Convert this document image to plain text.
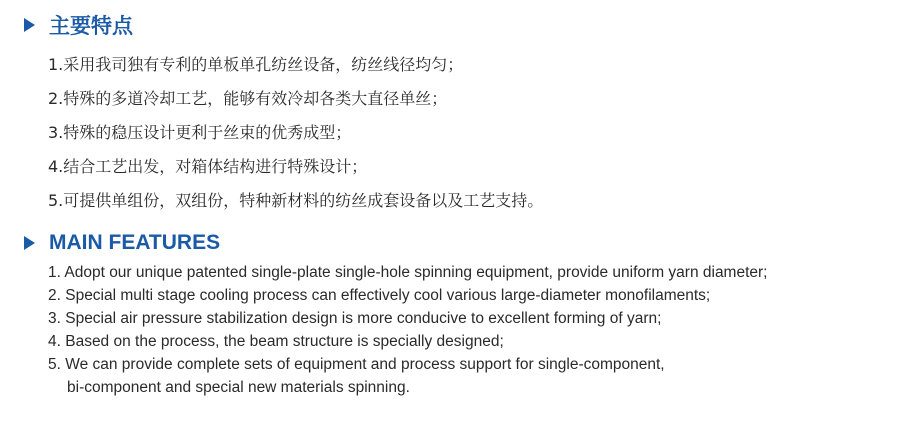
主要特点
1.采用我司独有专利的单板单孔纺丝设备，纺丝线径均匀；
2.特殊的多道冷却工艺，能够有效冷却各类大直径单丝；
3.特殊的稳压设计更利于丝束的优秀成型；
4.结合工艺出发，对箱体结构进行特殊设计；
5.可提供单组份，双组份，特种新材料的纺丝成套设备以及工艺支持。
MAIN FEATURES
1. Adopt our unique patented single-plate single-hole spinning equipment, provide uniform yarn diameter;
2. Special multi stage cooling process can effectively cool various large-diameter monofilaments;
3. Special air pressure stabilization design is more conducive to excellent forming of yarn;
4. Based on the process, the beam structure is specially designed;
5. We can provide complete sets of equipment and process support for single-component,
bi-component and special new materials spinning.
